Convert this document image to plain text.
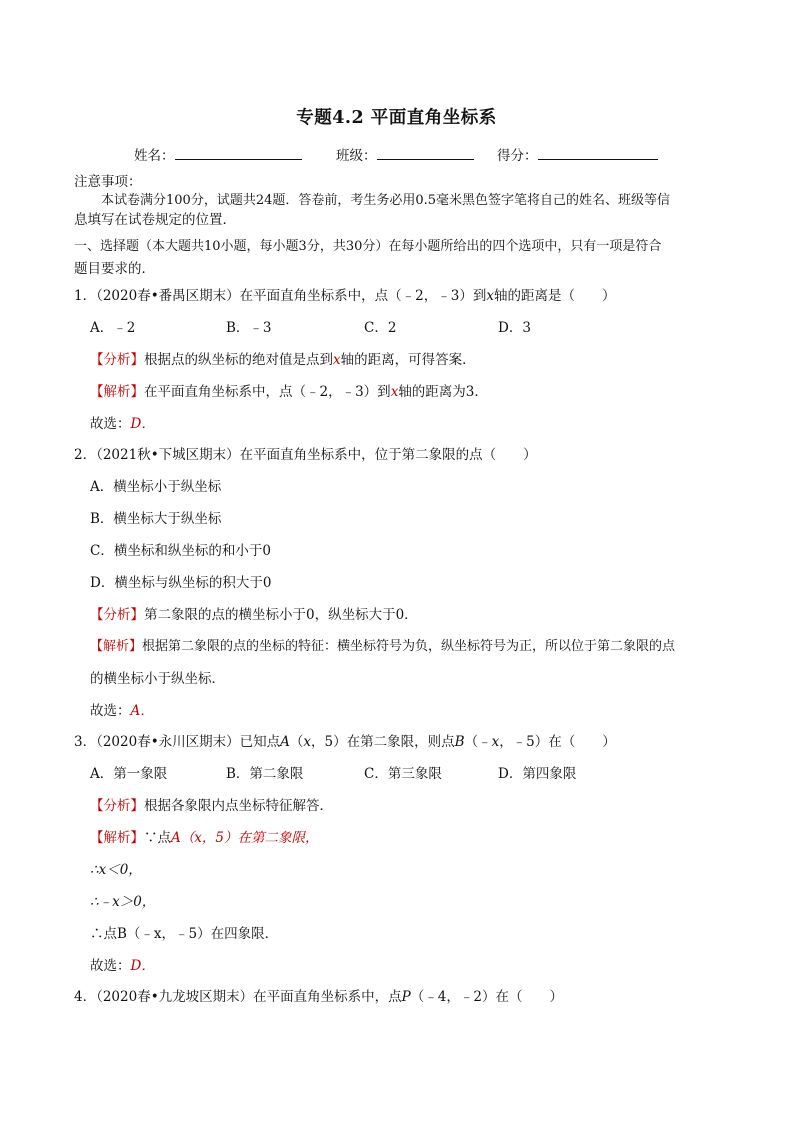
专题4.2 平面直角坐标系
姓名：	班级：	得分：
注意事项：
本试卷满分100分，试题共24题．答卷前，考生务必用0.5毫米黑色签字笔将自己的姓名、班级等信
息填写在试卷规定的位置．
一、选择题（本大题共10小题，每小题3分，共30分）在每小题所给出的四个选项中，只有一项是符合
题目要求的．
1．（2020春•番禺区期末）在平面直角坐标系中，点（﹣2，﹣3）到x轴的距离是（　　）
A．﹣2	B．﹣3	C．2	D．3
【分析】根据点的纵坐标的绝对值是点到x轴的距离，可得答案．
【解析】在平面直角坐标系中，点（﹣2，﹣3）到x轴的距离为3．
故选：D．
2．（2021秋•下城区期末）在平面直角坐标系中，位于第二象限的点（　　）
A．横坐标小于纵坐标
B．横坐标大于纵坐标
C．横坐标和纵坐标的和小于0
D．横坐标与纵坐标的积大于0
【分析】第二象限的点的横坐标小于0，纵坐标大于0．
【解析】根据第二象限的点的坐标的特征：横坐标符号为负，纵坐标符号为正，所以位于第二象限的点
的横坐标小于纵坐标．
故选：A．
3．（2020春•永川区期末）已知点A（x，5）在第二象限，则点B（﹣x，﹣5）在（　　）
A．第一象限	B．第二象限	C．第三象限	D．第四象限
【分析】根据各象限内点坐标特征解答．
【解析】∵点A（x，5）在第二象限，
∴x＜0，
∴﹣x＞0，
∴点B（﹣x，﹣5）在四象限．
故选：D．
4．（2020春•九龙坡区期末）在平面直角坐标系中，点P（﹣4，﹣2）在（　　）
